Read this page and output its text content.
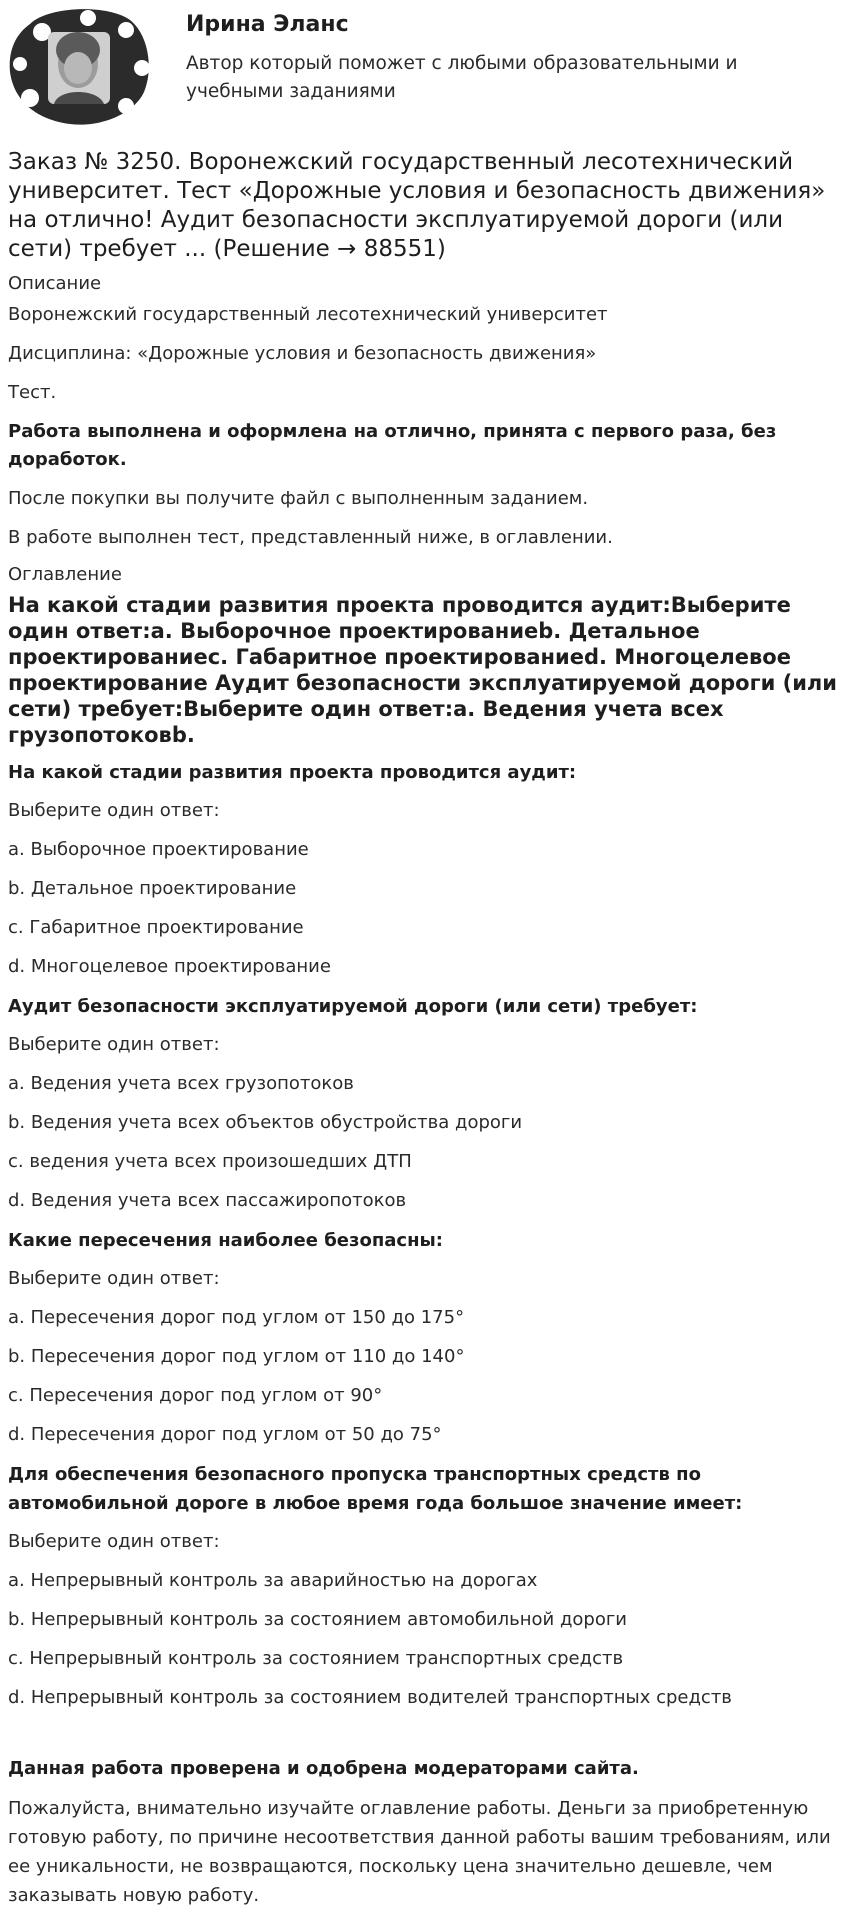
Ирина Эланс
Автор который поможет с любыми образовательными и учебными заданиями
Заказ № 3250. Воронежский государственный лесотехнический университет. Тест «Дорожные условия и безопасность движения» на отлично! Аудит безопасности эксплуатируемой дороги (или сети) требует ... (Решение → 88551)
Описание

Воронежский государственный лесотехнический университет

Дисциплина: «Дорожные условия и безопасность движения»

Тест.

Работа выполнена и оформлена на отлично, принята с первого раза, без доработок.

После покупки вы получите файл с выполненным заданием.

В работе выполнен тест, представленный ниже, в оглавлении.

Оглавление
На какой стадии развития проекта проводится аудит:Выберите один ответ:a. Выборочное проектированиеb. Детальное проектированиес. Габаритное проектированиеd. Многоцелевое проектирование Аудит безопасности эксплуатируемой дороги (или сети) требует:Выберите один ответ:a. Ведения учета всех грузопотоковb.
На какой стадии развития проекта проводится аудит:
Выберите один ответ:
a. Выборочное проектирование
b. Детальное проектирование
c. Габаритное проектирование
d. Многоцелевое проектирование
Аудит безопасности эксплуатируемой дороги (или сети) требует:
Выберите один ответ:
a. Ведения учета всех грузопотоков
b. Ведения учета всех объектов обустройства дороги
c. ведения учета всех произошедших ДТП
d. Ведения учета всех пассажиропотоков
Какие пересечения наиболее безопасны:
Выберите один ответ:
a. Пересечения дорог под углом от 150 до 175°
b. Пересечения дорог под углом от 110 до 140°
c. Пересечения дорог под углом от 90°
d. Пересечения дорог под углом от 50 до 75°
Для обеспечения безопасного пропуска транспортных средств по автомобильной дороге в любое время года большое значение имеет:
Выберите один ответ:
a. Непрерывный контроль за аварийностью на дорогах
b. Непрерывный контроль за состоянием автомобильной дороги
c. Непрерывный контроль за состоянием транспортных средств
d. Непрерывный контроль за состоянием водителей транспортных средств

Данная работа проверена и одобрена модераторами сайта.

Пожалуйста, внимательно изучайте оглавление работы. Деньги за приобретенную готовую работу, по причине несоответствия данной работы вашим требованиям, или ее уникальности, не возвращаются, поскольку цена значительно дешевле, чем заказывать новую работу.
